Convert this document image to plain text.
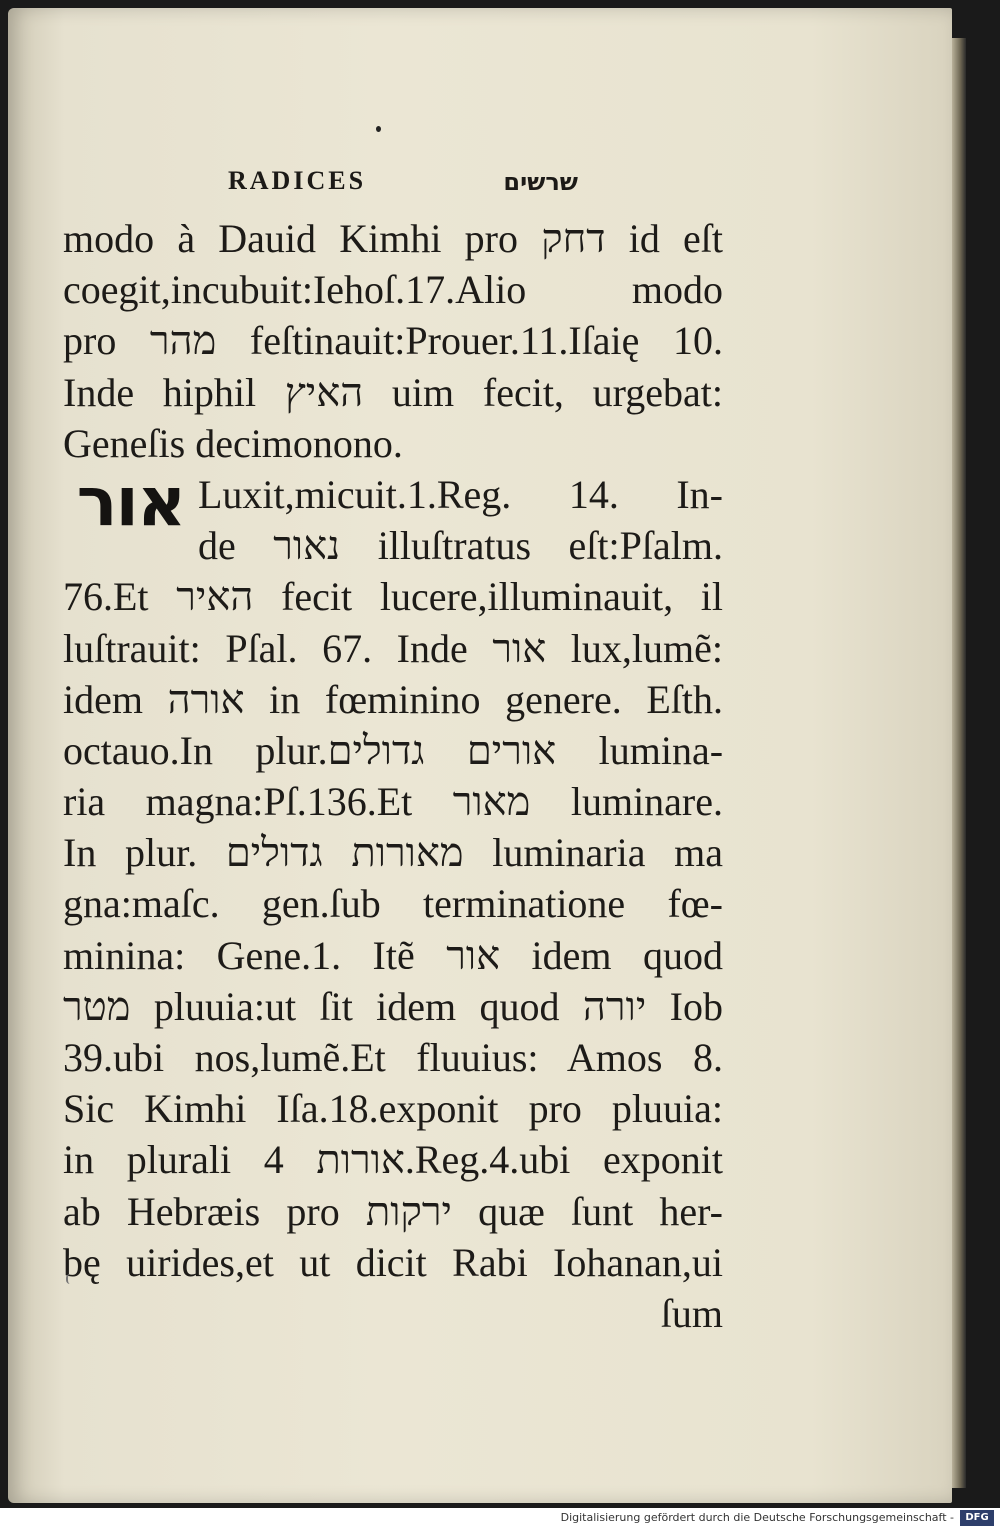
RADICES	שרשים
אור
modo à Dauid Kimhi pro דחק id eſt
coegit,incubuit:Iehoſ.17.Alio modo
pro מהר feſtinauit:Prouer.11.Iſaię 10.
Inde hiphil האיץ uim fecit, urgebat:
Geneſis decimonono.
Luxit,micuit.1.Reg. 14. In-
de נאור illuſtratus eſt:Pſalm.
76.Et האיר fecit lucere,illuminauit, il
luſtrauit: Pſal. 67. Inde אור lux,lumẽ:
idem אורה in fœminino genere. Eſth.
octauo.In plur.אורים גדולים lumina-
ria magna:Pſ.136.Et מאור luminare.
In plur. מאורות גדולים luminaria ma
gna:maſc. gen.ſub terminatione fœ-
minina: Gene.1. Itẽ אור idem quod
מטר pluuia:ut ſit idem quod יורה Iob
39.ubi nos,lumẽ.Et fluuius: Amos 8.
Sic Kimhi Iſa.18.exponit pro pluuia:
in plurali אורות 4.Reg.4.ubi exponit
ab Hebræis pro ירקות quæ ſunt her-
bę uirides,et ut dicit Rabi Iohanan,ui
ſum
Digitalisierung gefördert durch die Deutsche Forschungsgemeinschaft -	DFG
